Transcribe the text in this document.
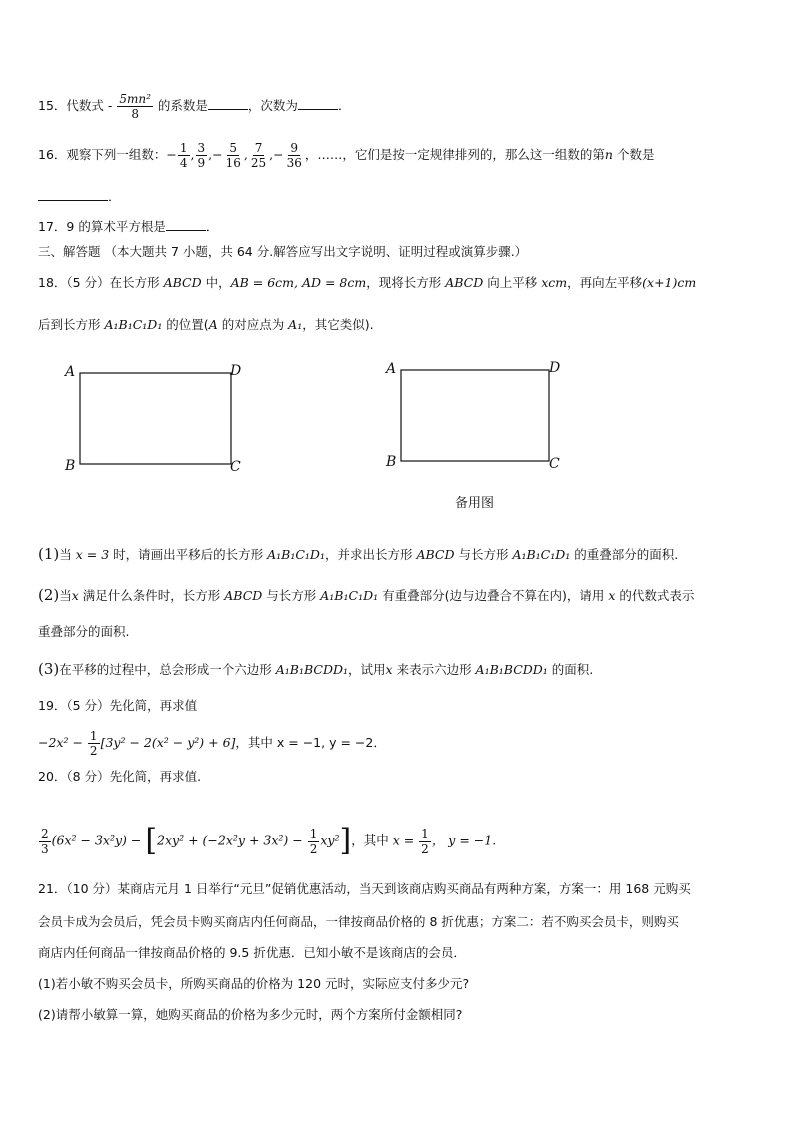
15．代数式 - $\frac{\text{5mn²}}{8}$ 的系数是	，次数为	．
16．观察下列一组数：− $\frac{1}{4}$ , $\frac{3}{9}$ ,− $\frac{5}{16}$ , $\frac{7}{25}$ ,− $\frac{9}{36}$ ，……，它们是按一定规律排列的，那么这一组数的第n 个数是
．
17．9 的算术平方根是	．
三、解答题 （本大题共 7 小题，共 64 分.解答应写出文字说明、证明过程或演算步骤.）
18．（5 分）在长方形 ABCD 中，AB = 6cm, AD = 8cm，现将长方形 ABCD 向上平移 xcm，再向左平移(x+1)cm
后到长方形 A₁B₁C₁D₁ 的位置(A 的对应点为 A₁，其它类似).
A	D
B	C
A	D
B	C
备用图
(1)当 x = 3 时，请画出平移后的长方形 A₁B₁C₁D₁，并求出长方形 ABCD 与长方形 A₁B₁C₁D₁ 的重叠部分的面积.
(2)当x 满足什么条件时，长方形 ABCD 与长方形 A₁B₁C₁D₁ 有重叠部分(边与边叠合不算在内)，请用 x 的代数式表示
重叠部分的面积.
(3)在平移的过程中，总会形成一个六边形 A₁B₁BCDD₁，试用x 来表示六边形 A₁B₁BCDD₁ 的面积.
19．（5 分）先化简，再求值
$-2x^2 - \frac{1}{2} [3y^2 - 2(x^2 - y^2) + 6]$，其中 x = −1, y = −2．
20．（8 分）先化简，再求值.
$\frac{2}{3} (6x^2 - 3x^2y) - [2xy^2 + (-2x^2y + 3x^2) - \frac{1}{2} xy^2]$，其中 $x = \frac{1}{2}$ ， y = −1.
21．（10 分）某商店元月 1 日举行“元旦”促销优惠活动，当天到该商店购买商品有两种方案，方案一：用 168 元购买
会员卡成为会员后，凭会员卡购买商店内任何商品，一律按商品价格的 8 折优惠；方案二：若不购买会员卡，则购买
商店内任何商品一律按商品价格的 9.5 折优惠．已知小敏不是该商店的会员．
(1)若小敏不购买会员卡，所购买商品的价格为 120 元时，实际应支付多少元?
(2)请帮小敏算一算，她购买商品的价格为多少元时，两个方案所付金额相同?
